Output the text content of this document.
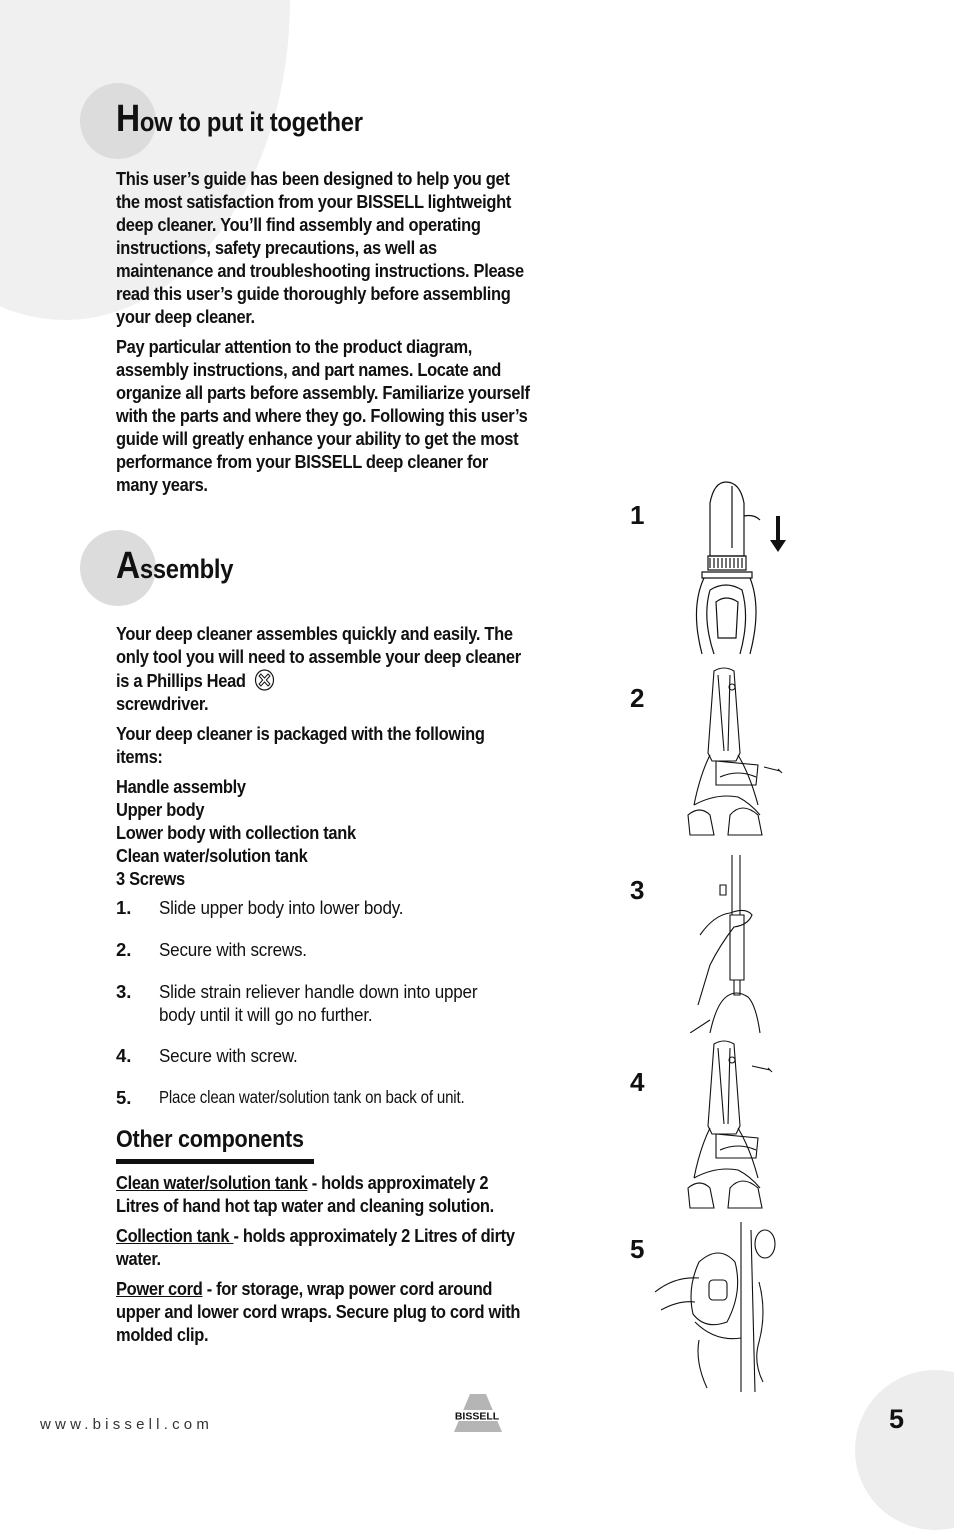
How to put it together

This user’s guide has been designed to help you get the most satisfaction from your BISSELL lightweight deep cleaner. You’ll find assembly and operating instructions, safety precautions, as well as maintenance and troubleshooting instructions. Please read this user’s guide thoroughly before assembling your deep cleaner.

Pay particular attention to the product diagram, assembly instructions, and part names. Locate and organize all parts before assembly. Familiarize yourself with the parts and where they go. Following this user’s guide will greatly enhance your ability to get the most performance from your BISSELL deep cleaner for many years.

Assembly

Your deep cleaner assembles quickly and easily. The only tool you will need to assemble your deep cleaner is a Phillips Head
screwdriver.

Your deep cleaner is packaged with the following items:

Handle assembly

Upper body

Lower body with collection tank

Clean water/solution tank

3 Screws

1. Slide upper body into lower body.
2. Secure with screws.
3. Slide strain reliever handle down into upper body until it will go no further.
4. Secure with screw.
5. Place clean water/solution tank on back of unit.
Other components

Clean water/solution tank - holds approximately 2 Litres of hand hot tap water and cleaning solution.

Collection tank - holds approximately 2 Litres of dirty water.

Power cord - for storage, wrap power cord around upper and lower cord wraps. Secure plug to cord with molded clip.

1
2
3
4
5
www.bissell.com	BISSELL	5
